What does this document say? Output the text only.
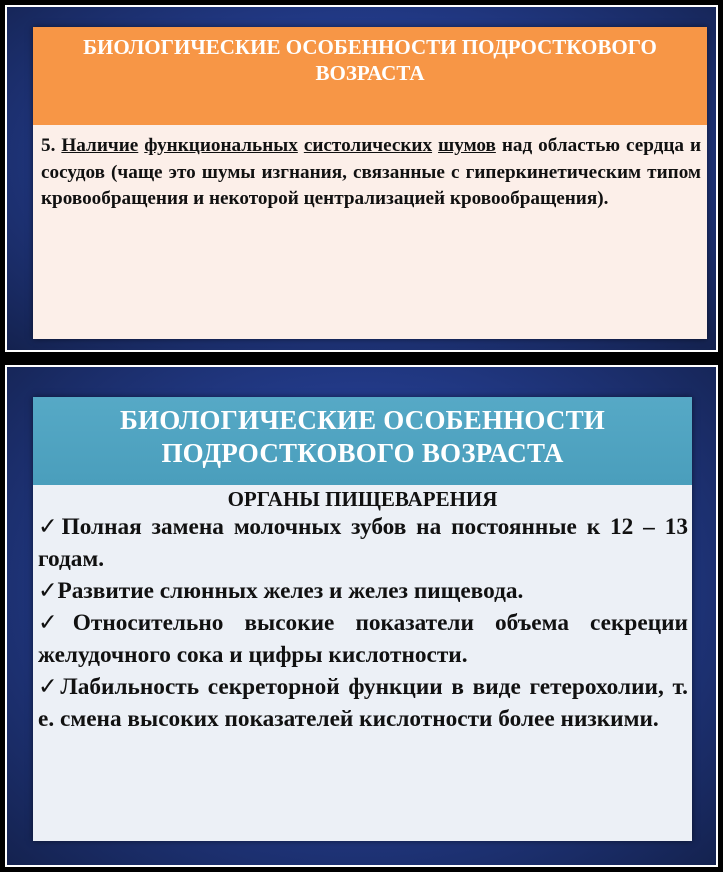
БИОЛОГИЧЕСКИЕ ОСОБЕННОСТИ ПОДРОСТКОВОГО ВОЗРАСТА
5. Наличие функциональных систолических шумов над областью сердца и сосудов (чаще это шумы изгнания, связанные с гиперкинетическим типом кровообращения и некоторой централизацией кровообращения).
БИОЛОГИЧЕСКИЕ ОСОБЕННОСТИ ПОДРОСТКОВОГО ВОЗРАСТА
ОРГАНЫ ПИЩЕВАРЕНИЯ

✓Полная замена молочных зубов на постоянные к 12 – 13 годам.

✓Развитие слюнных желез и желез пищевода.

✓Относительно высокие показатели объема секреции желудочного сока и цифры кислотности.

✓Лабильность секреторной функции в виде гетерохолии, т. е. смена высоких показателей кислотности более низкими.
